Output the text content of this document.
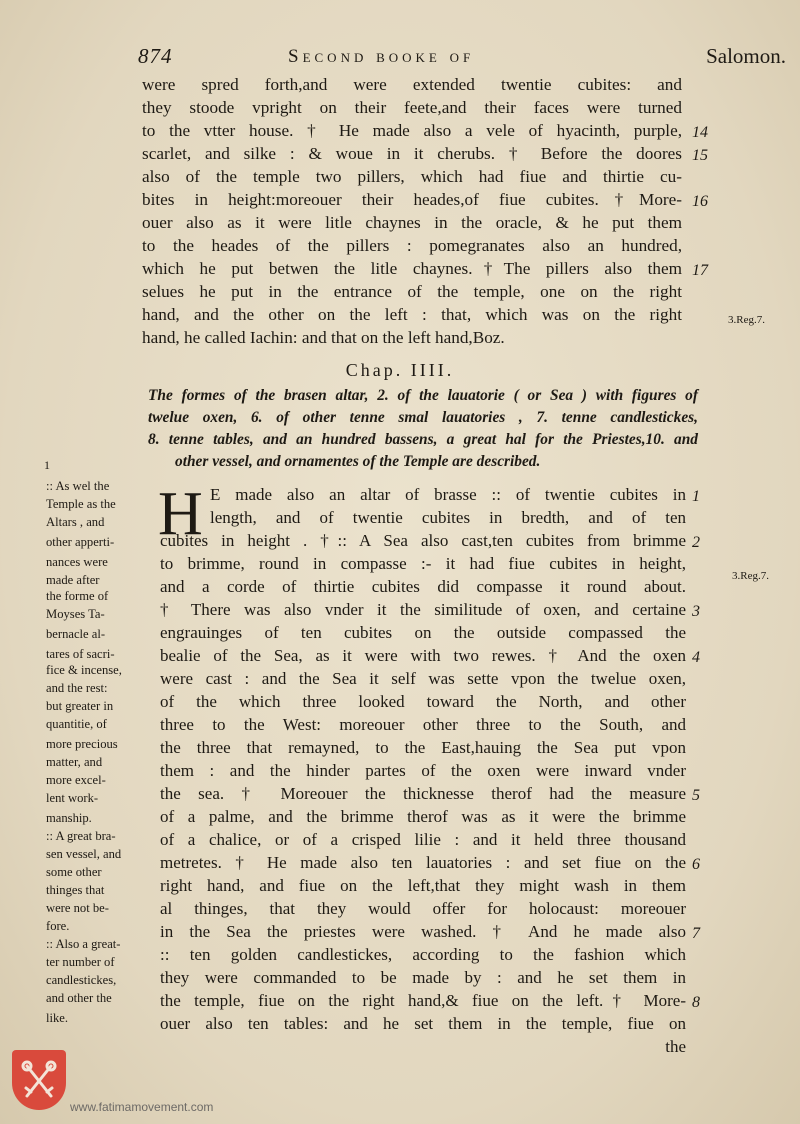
874	Second booke of	Salomon.
were spred forth,and were extended twentie cubites: and
they stoode vpright on their feete,and their faces were turned
to the vtter house. † He made also a vele of hyacinth, purple,
scarlet, and silke : & woue in it cherubs. † Before the doores
also of the temple two pillers, which had fiue and thirtie cu-
bites in height:moreouer their heades,of fiue cubites.†More-
ouer also as it were litle chaynes in the oracle, & he put them
to the heades of the pillers : pomegranates also an hundred,
which he put betwen the litle chaynes.†The pillers also them
selues he put in the entrance of the temple, one on the right
hand, and the other on the left : that, which was on the right
hand, he called Iachin: and that on the left hand,Boz.
14
15
16
17
3.Reg.7.
Chap. IIII.
The formes of the brasen altar, 2. of the lauatorie ( or Sea ) with figures of
twelue oxen, 6. of other tenne smal lauatories , 7. tenne candlestickes,
8. tenne tables, and an hundred bassens, a great hal for the Priestes,10. and
other vessel, and ornamentes of the Temple are described.
1
:: As wel the
Temple as the
Altars , and
other apperti-
nances were
made after
the forme of
Moyses Ta-
bernacle al-
tares of sacri-
fice & incense,
and the rest:
but greater in
quantitie, of
more precious
matter, and
more excel-
lent work-
manship.
:: A great bra-
sen vessel, and
some other
thinges that
were not be-
fore.
:: Also a great-
ter number of
candlestickes,
and other the
like.
H E made also an altar of brasse :: of twentie cubites in
length, and of twentie cubites in bredth, and of ten
cubites in height . †:: A Sea also cast,ten cubites from brimme
to brimme, round in compasse :- it had fiue cubites in height,
and a corde of thirtie cubites did compasse it round about.
† There was also vnder it the similitude of oxen, and certaine
engrauinges of ten cubites on the outside compassed the
bealie of the Sea, as it were with two rewes. † And the oxen
were cast : and the Sea it self was sette vpon the twelue oxen,
of the which three looked toward the North, and other
three to the West: moreouer other three to the South, and
the three that remayned, to the East,hauing the Sea put vpon
them : and the hinder partes of the oxen were inward vnder
the sea. † Moreouer the thicknesse therof had the measure
of a palme, and the brimme therof was as it were the brimme
of a chalice, or of a crisped lilie : and it held three thousand
metretes. † He made also ten lauatories : and set fiue on the
right hand, and fiue on the left,that they might wash in them
al thinges, that they would offer for holocaust: moreouer
in the Sea the priestes were washed. † And he made also
:: ten golden candlestickes, according to the fashion which
they were commanded to be made by : and he set them in
the temple, fiue on the right hand,& fiue on the left.† More-
ouer also ten tables: and he set them in the temple, fiue on
the
1
2
3
4
5
6
7
8
3.Reg.7.
www.fatimamovement.com
